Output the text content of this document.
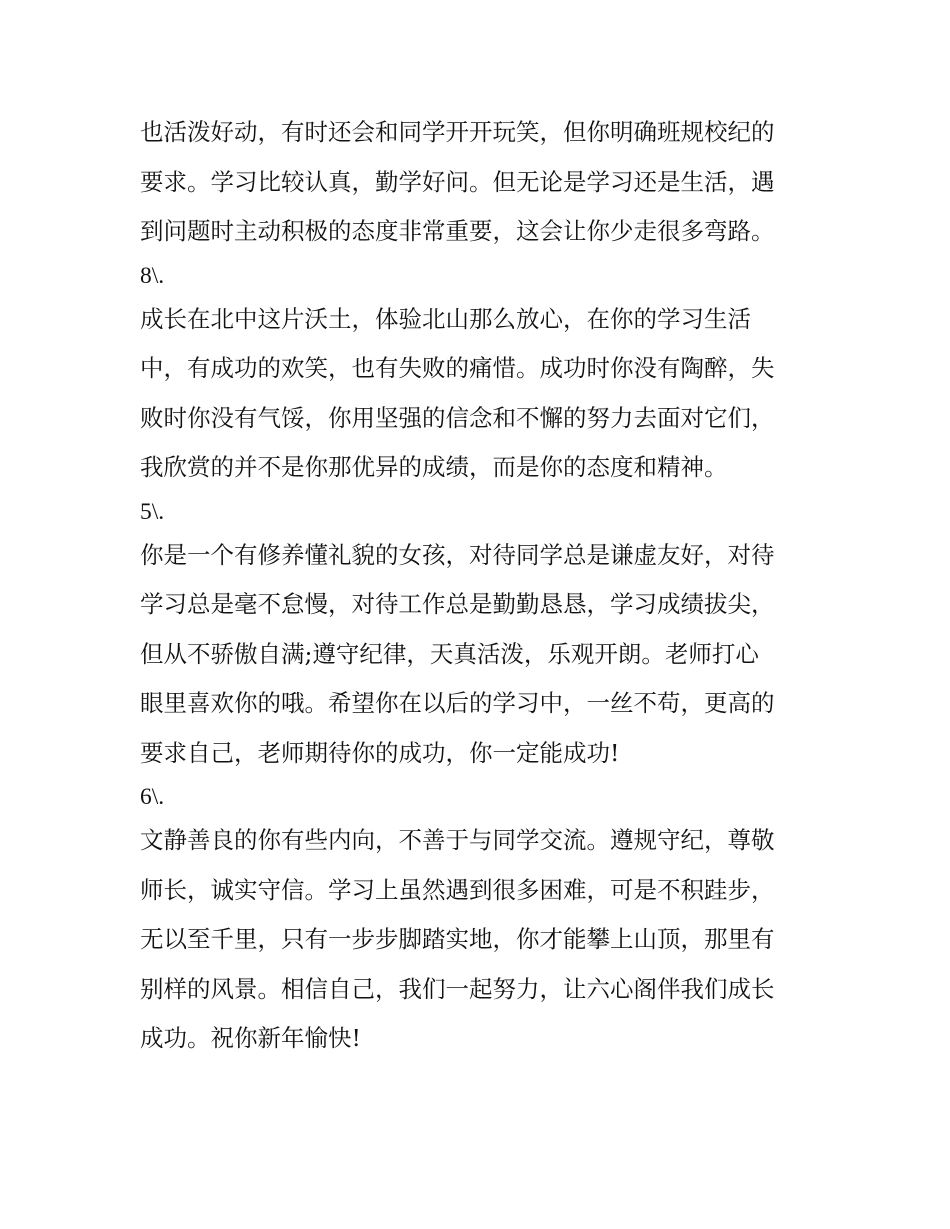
也活泼好动，有时还会和同学开开玩笑，但你明确班规校纪的
要求。学习比较认真，勤学好问。但无论是学习还是生活，遇
到问题时主动积极的态度非常重要，这会让你少走很多弯路。
8\.
成长在北中这片沃土，体验北山那么放心，在你的学习生活
中，有成功的欢笑，也有失败的痛惜。成功时你没有陶醉，失
败时你没有气馁，你用坚强的信念和不懈的努力去面对它们，
我欣赏的并不是你那优异的成绩，而是你的态度和精神。
5\.
你是一个有修养懂礼貌的女孩，对待同学总是谦虚友好，对待
学习总是毫不怠慢，对待工作总是勤勤恳恳，学习成绩拔尖，
但从不骄傲自满;遵守纪律，天真活泼，乐观开朗。老师打心
眼里喜欢你的哦。希望你在以后的学习中，一丝不苟，更高的
要求自己，老师期待你的成功，你一定能成功!
6\.
文静善良的你有些内向，不善于与同学交流。遵规守纪，尊敬
师长，诚实守信。学习上虽然遇到很多困难，可是不积跬步，
无以至千里，只有一步步脚踏实地，你才能攀上山顶，那里有
别样的风景。相信自己，我们一起努力，让六心阁伴我们成长
成功。祝你新年愉快!
